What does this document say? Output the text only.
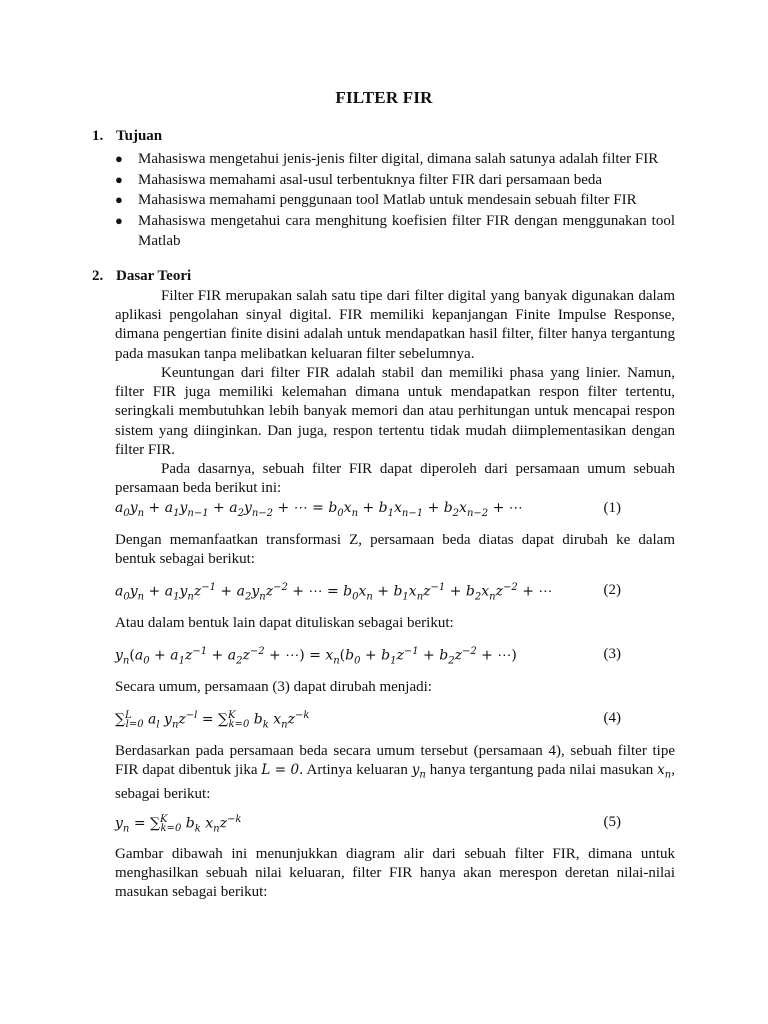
FILTER FIR
1. Tujuan
● Mahasiswa mengetahui jenis-jenis filter digital, dimana salah satunya adalah filter FIR
● Mahasiswa memahami asal-usul terbentuknya filter FIR dari persamaan beda
● Mahasiswa memahami penggunaan tool Matlab untuk mendesain sebuah filter FIR
● Mahasiswa mengetahui cara menghitung koefisien filter FIR dengan menggunakan tool Matlab
2. Dasar Teori

Filter FIR merupakan salah satu tipe dari filter digital yang banyak digunakan dalam aplikasi pengolahan sinyal digital. FIR memiliki kepanjangan Finite Impulse Response, dimana pengertian finite disini adalah untuk mendapatkan hasil filter, filter hanya tergantung pada masukan tanpa melibatkan keluaran filter sebelumnya.

Keuntungan dari filter FIR adalah stabil dan memiliki phasa yang linier. Namun, filter FIR juga memiliki kelemahan dimana untuk mendapatkan respon filter tertentu, seringkali membutuhkan lebih banyak memori dan atau perhitungan untuk mencapai respon sistem yang diinginkan. Dan juga, respon tertentu tidak mudah diimplementasikan dengan filter FIR.

Pada dasarnya, sebuah filter FIR dapat diperoleh dari persamaan umum sebuah persamaan beda berikut ini:

$a_0y_n + a_1y_{n-1} + a_2y_{n-2}$ + ⋯ = $b_0x_n + b_1x_{n-1} + b_2x_{n-2}$ + ⋯	(1)

Dengan memanfaatkan transformasi Z, persamaan beda diatas dapat dirubah ke dalam bentuk sebagai berikut:

$a_0y_n + a_1y_nz^{-1} + a_2y_nz^{-2}$ + ⋯ = $b_0x_n + b_1x_nz^{-1} + b_2x_nz^{-2}$ + ⋯	(2)

Atau dalam bentuk lain dapat dituliskan sebagai berikut:

$y_n(a_0 + a_1z^{-1} + a_2z^{-2}$ + ⋯) = $x_n(b_0 + b_1z^{-1} + b_2z^{-2}$ + ⋯)	(3)

Secara umum, persamaan (3) dapat dirubah menjadi:

∑$^L_{l=0}$ $a_l$ $y_nz^{-l} = \sum^K_{k=0}$ $b_k$ $x_nz^{-k}$	(4)

Berdasarkan pada persamaan beda secara umum tersebut (persamaan 4), sebuah filter tipe FIR dapat dibentuk jika L = 0. Artinya keluaran $y_n$ hanya tergantung pada nilai masukan $x_n$, sebagai berikut:

$y_n = \sum^K_{k=0}$ $b_k$ $x_nz^{-k}$	(5)

Gambar dibawah ini menunjukkan diagram alir dari sebuah filter FIR, dimana untuk menghasilkan sebuah nilai keluaran, filter FIR hanya akan merespon deretan nilai-nilai masukan sebagai berikut:
